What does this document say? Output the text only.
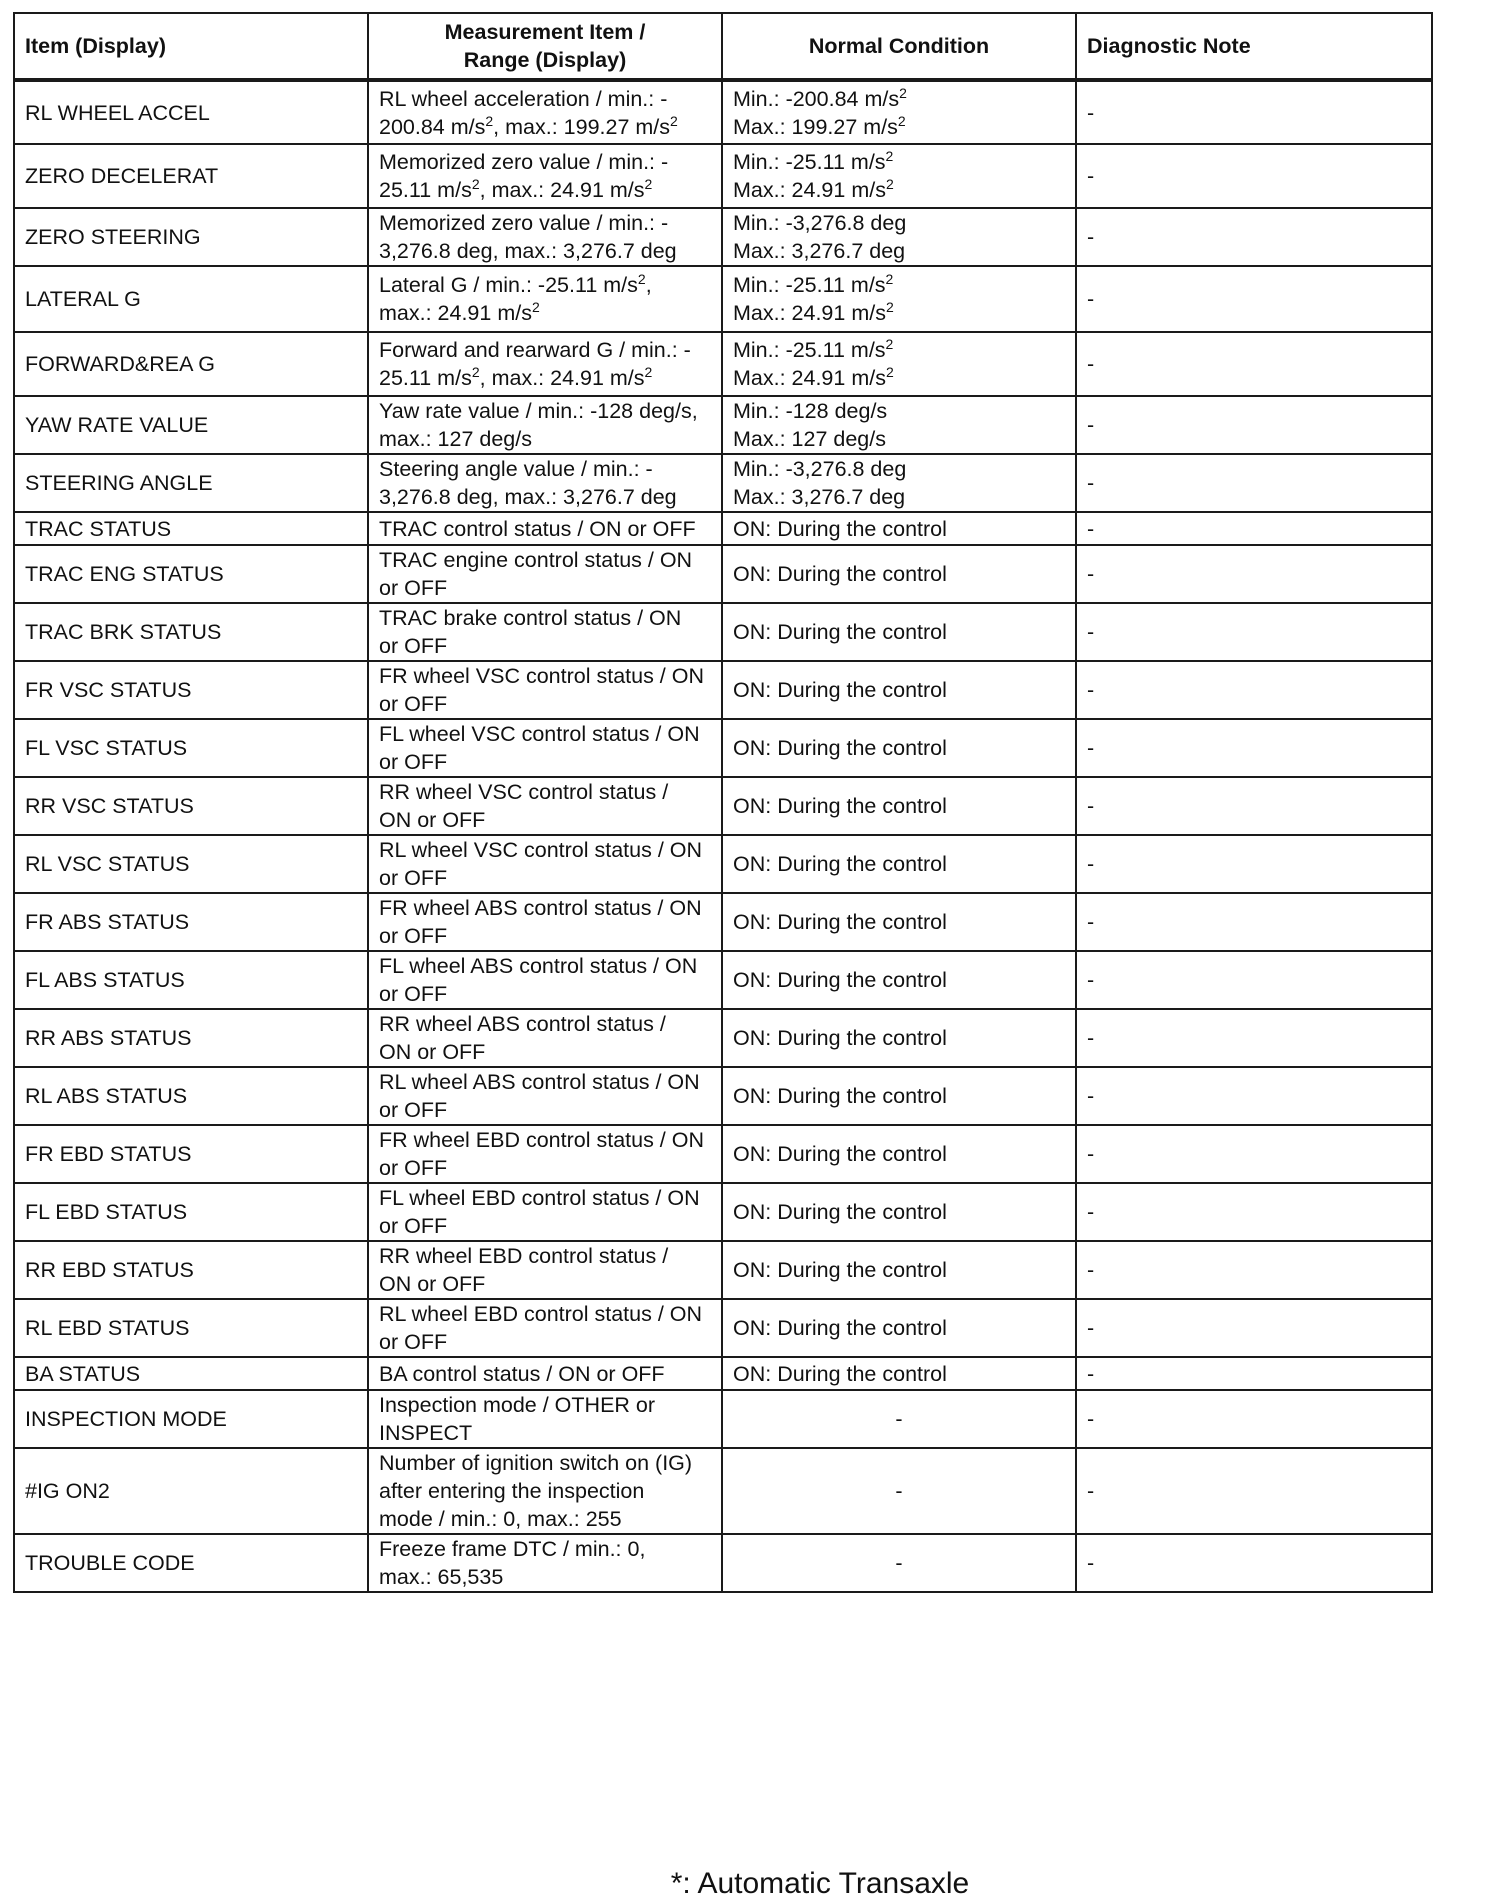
Item (Display)	Measurement Item /
Range (Display)	Normal Condition	Diagnostic Note
RL WHEEL ACCEL	RL wheel acceleration / min.: -
200.84 $m/s^2$, max.: 199.27 $m/s^2$	Min.: -200.84 $m/s^2$
Max.: 199.27 $m/s^2$	-
ZERO DECELERAT	Memorized zero value / min.: -
25.11 $m/s^2$, max.: 24.91 $m/s^2$	Min.: -25.11 $m/s^2$
Max.: 24.91 $m/s^2$	-
ZERO STEERING	Memorized zero value / min.: -
3,276.8 deg, max.: 3,276.7 deg	Min.: -3,276.8 deg
Max.: 3,276.7 deg	-
LATERAL G	Lateral G / min.: -25.11 $m/s^2$,
max.: 24.91 $m/s^2$	Min.: -25.11 $m/s^2$
Max.: 24.91 $m/s^2$	-
FORWARD&REA G	Forward and rearward G / min.: -
25.11 $m/s^2$, max.: 24.91 $m/s^2$	Min.: -25.11 $m/s^2$
Max.: 24.91 $m/s^2$	-
YAW RATE VALUE	Yaw rate value / min.: -128 deg/s,
max.: 127 deg/s	Min.: -128 deg/s
Max.: 127 deg/s	-
STEERING ANGLE	Steering angle value / min.: -
3,276.8 deg, max.: 3,276.7 deg	Min.: -3,276.8 deg
Max.: 3,276.7 deg	-
TRAC STATUS	TRAC control status / ON or OFF	ON: During the control	-
TRAC ENG STATUS	TRAC engine control status / ON
or OFF	ON: During the control	-
TRAC BRK STATUS	TRAC brake control status / ON
or OFF	ON: During the control	-
FR VSC STATUS	FR wheel VSC control status / ON
or OFF	ON: During the control	-
FL VSC STATUS	FL wheel VSC control status / ON
or OFF	ON: During the control	-
RR VSC STATUS	RR wheel VSC control status /
ON or OFF	ON: During the control	-
RL VSC STATUS	RL wheel VSC control status / ON
or OFF	ON: During the control	-
FR ABS STATUS	FR wheel ABS control status / ON
or OFF	ON: During the control	-
FL ABS STATUS	FL wheel ABS control status / ON
or OFF	ON: During the control	-
RR ABS STATUS	RR wheel ABS control status /
ON or OFF	ON: During the control	-
RL ABS STATUS	RL wheel ABS control status / ON
or OFF	ON: During the control	-
FR EBD STATUS	FR wheel EBD control status / ON
or OFF	ON: During the control	-
FL EBD STATUS	FL wheel EBD control status / ON
or OFF	ON: During the control	-
RR EBD STATUS	RR wheel EBD control status /
ON or OFF	ON: During the control	-
RL EBD STATUS	RL wheel EBD control status / ON
or OFF	ON: During the control	-
BA STATUS	BA control status / ON or OFF	ON: During the control	-
INSPECTION MODE	Inspection mode / OTHER or
INSPECT	-	-
#IG ON2	Number of ignition switch on (IG)
after entering the inspection
mode / min.: 0, max.: 255	-	-
TROUBLE CODE	Freeze frame DTC / min.: 0,
max.: 65,535	-	-
*: Automatic Transaxle
